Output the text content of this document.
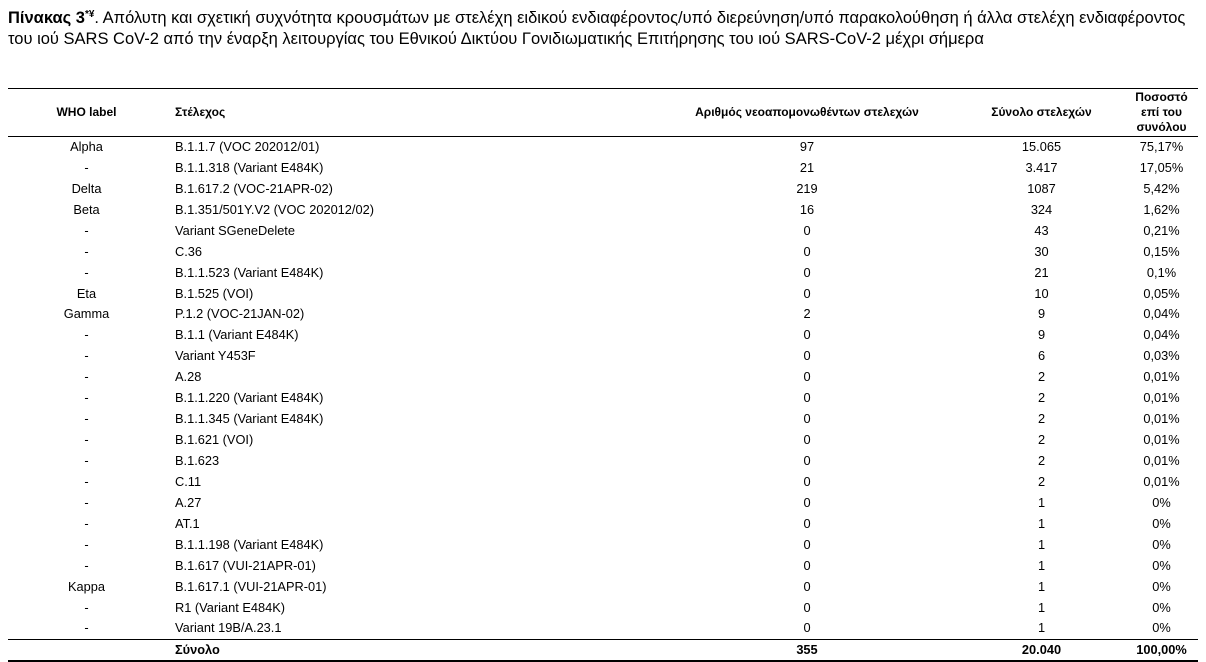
Πίνακας 3*¥. Απόλυτη και σχετική συχνότητα κρουσμάτων με στελέχη ειδικού ενδιαφέροντος/υπό διερεύνηση/υπό παρακολούθηση ή άλλα στελέχη ενδιαφέροντος του ιού SARS CoV-2 από την έναρξη λειτουργίας του Εθνικού Δικτύου Γονιδιωματικής Επιτήρησης του ιού SARS-CoV-2 μέχρι σήμερα
WHO label	Στέλεχος	Αριθμός νεοαπομονωθέντων στελεχών	Σύνολο στελεχών	Ποσοστό επί του συνόλου
Alpha	B.1.1.7 (VOC 202012/01)	97	15.065	75,17%
-	B.1.1.318 (Variant E484K)	21	3.417	17,05%
Delta	B.1.617.2 (VOC-21APR-02)	219	1087	5,42%
Beta	B.1.351/501Y.V2 (VOC 202012/02)	16	324	1,62%
-	Variant SGeneDelete	0	43	0,21%
-	C.36	0	30	0,15%
-	B.1.1.523 (Variant E484K)	0	21	0,1%
Eta	B.1.525 (VOI)	0	10	0,05%
Gamma	P.1.2 (VOC-21JAN-02)	2	9	0,04%
-	B.1.1 (Variant E484K)	0	9	0,04%
-	Variant Y453F	0	6	0,03%
-	A.28	0	2	0,01%
-	B.1.1.220 (Variant E484K)	0	2	0,01%
-	B.1.1.345 (Variant E484K)	0	2	0,01%
-	B.1.621 (VOI)	0	2	0,01%
-	B.1.623	0	2	0,01%
-	C.11	0	2	0,01%
-	A.27	0	1	0%
-	AT.1	0	1	0%
-	B.1.1.198 (Variant E484K)	0	1	0%
-	B.1.617 (VUI-21APR-01)	0	1	0%
Kappa	B.1.617.1 (VUI-21APR-01)	0	1	0%
-	R1 (Variant E484K)	0	1	0%
-	Variant 19B/A.23.1	0	1	0%
	Σύνολο	355	20.040	100,00%
